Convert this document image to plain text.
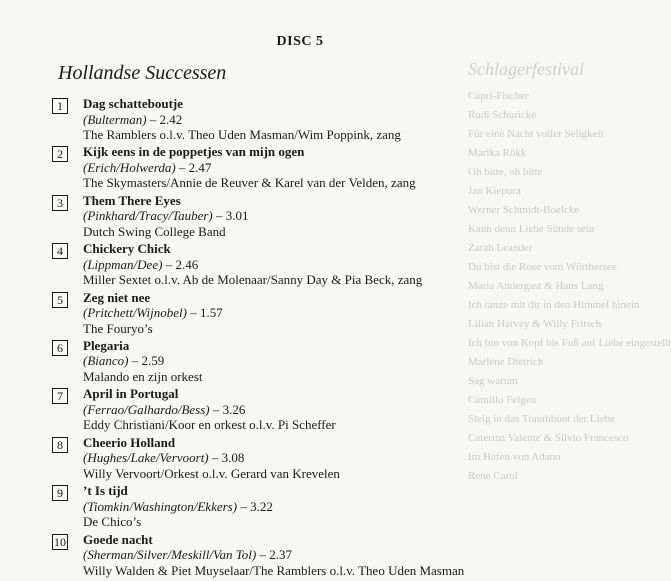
Schlagerfestival
Capri-Fischer
Rudi Schuricke
Für eine Nacht voller Seligkeit
Marika Rökk
Oh bitte, oh bitte
Jan Kiepura
Werner Schmidt-Boelcke
Kann denn Liebe Sünde sein
Zarah Leander
Du bist die Rose vom Wörthersee
Maria Andergast & Hans Lang
Ich tanze mit dir in den Himmel hinein
Lilian Harvey & Willy Fritsch
Ich bin von Kopf bis Fuß auf Liebe eingestellt
Marlene Dietrich
Sag warum
Camillo Felgen
Steig in das Traumboot der Liebe
Caterina Valente & Silvio Francesco
Im Hafen von Adano
Rene Carol
DISC 5
Hollandse Successen
1	Dag schatteboutje
(Bulterman) – 2.42
The Ramblers o.l.v. Theo Uden Masman/Wim Poppink, zang
2	Kijk eens in de poppetjes van mijn ogen
(Erich/Holwerda) – 2.47
The Skymasters/Annie de Reuver & Karel van der Velden, zang
3	Them There Eyes
(Pinkhard/Tracy/Tauber) – 3.01
Dutch Swing College Band
4	Chickery Chick
(Lippman/Dee) – 2.46
Miller Sextet o.l.v. Ab de Molenaar/Sanny Day & Pia Beck, zang
5	Zeg niet nee
(Pritchett/Wijnobel) – 1.57
The Fouryo’s
6	Plegaria
(Bianco) – 2.59
Malando en zijn orkest
7	April in Portugal
(Ferrao/Galhardo/Bess) – 3.26
Eddy Christiani/Koor en orkest o.l.v. Pi Scheffer
8	Cheerio Holland
(Hughes/Lake/Vervoort) – 3.08
Willy Vervoort/Orkest o.l.v. Gerard van Krevelen
9	’t Is tijd
(Tiomkin/Washington/Ekkers) – 3.22
De Chico’s
10 Goede nacht
(Sherman/Silver/Meskill/Van Tol) – 2.37
Willy Walden & Piet Muyselaar/The Ramblers o.l.v. Theo Uden Masman
